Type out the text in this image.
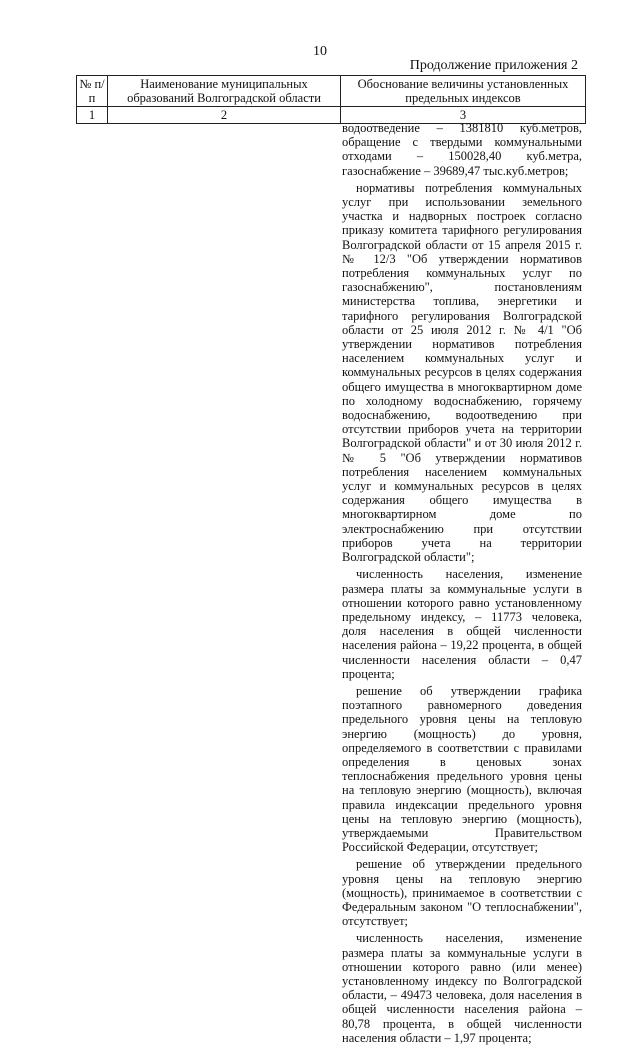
10
Продолжение приложения 2
№ п/п	Наименование муниципальных образований Волгоградской области	Обоснование величины установленных предельных индексов
1	2	3

водоотведение – 1381810 куб.метров, обращение с твердыми коммунальными отходами – 150028,40 куб.метра, газоснабжение – 39689,47 тыс.куб.метров;

нормативы потребления коммунальных услуг при использовании земельного участка и надворных построек согласно приказу комитета тарифного регулирования Волгоградской области от 15 апреля 2015 г. № 12/3 "Об утверждении нормативов потребления коммунальных услуг по газоснабжению", постановлениям министерства топлива, энергетики и тарифного регулирования Волгоградской области от 25 июля 2012 г. № 4/1 "Об утверждении нормативов потребления населением коммунальных услуг и коммунальных ресурсов в целях содержания общего имущества в многоквартирном доме по холодному водоснабжению, горячему водоснабжению, водоотведению при отсутствии приборов учета на территории Волгоградской области" и от 30 июля 2012 г. № 5 "Об утверждении нормативов потребления населением коммунальных услуг и коммунальных ресурсов в целях содержания общего имущества в многоквартирном доме по электроснабжению при отсутствии приборов учета на территории Волгоградской области";

численность населения, изменение размера платы за коммунальные услуги в отношении которого равно установленному предельному индексу, – 11773 человека, доля населения в общей численности населения района – 19,22 процента, в общей численности населения области – 0,47 процента;

решение об утверждении графика поэтапного равномерного доведения предельного уровня цены на тепловую энергию (мощность) до уровня, определяемого в соответствии с правилами определения в ценовых зонах теплоснабжения предельного уровня цены на тепловую энергию (мощность), включая правила индексации предельного уровня цены на тепловую энергию (мощность), утверждаемыми Правительством Российской Федерации, отсутствует;

решение об утверждении предельного уровня цены на тепловую энергию (мощность), принимаемое в соответствии с Федеральным законом "О теплоснабжении", отсутствует;

численность населения, изменение размера платы за коммунальные услуги в отношении которого равно (или менее) установленному индексу по Волгоградской области, – 49473 человека, доля населения в общей численности населения района – 80,78 процента, в общей численности населения области – 1,97 процента;
